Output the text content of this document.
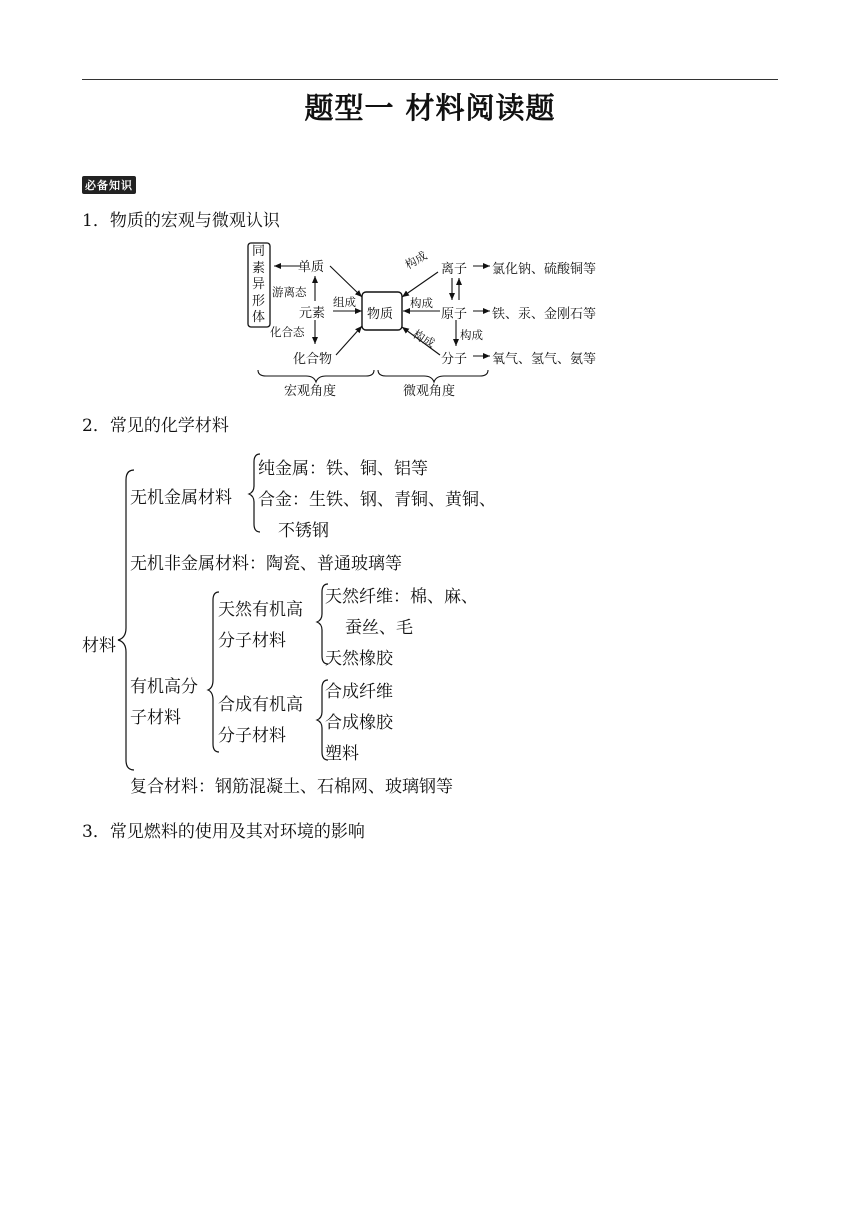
题型一 材料阅读题
必备知识
1．物质的宏观与微观认识
同
素
异
形
体
单质
游离态
元素
化合态
化合物
组成
物质
构成
构成
构成 构成
离子
原子
分子
氯化钠、硫酸铜等
铁、汞、金刚石等
氧气、氢气、氨等
宏观角度	微观角度
2．常见的化学材料
材料
无机金属材料
纯金属：铁、铜、铝等
合金：生铁、钢、青铜、黄铜、
不锈钢
无机非金属材料：陶瓷、普通玻璃等
有机高分
子材料
天然有机高
分子材料
天然纤维：棉、麻、
蚕丝、毛
天然橡胶
合成有机高
分子材料
合成纤维
合成橡胶
塑料
复合材料：钢筋混凝土、石棉网、玻璃钢等
3．常见燃料的使用及其对环境的影响
